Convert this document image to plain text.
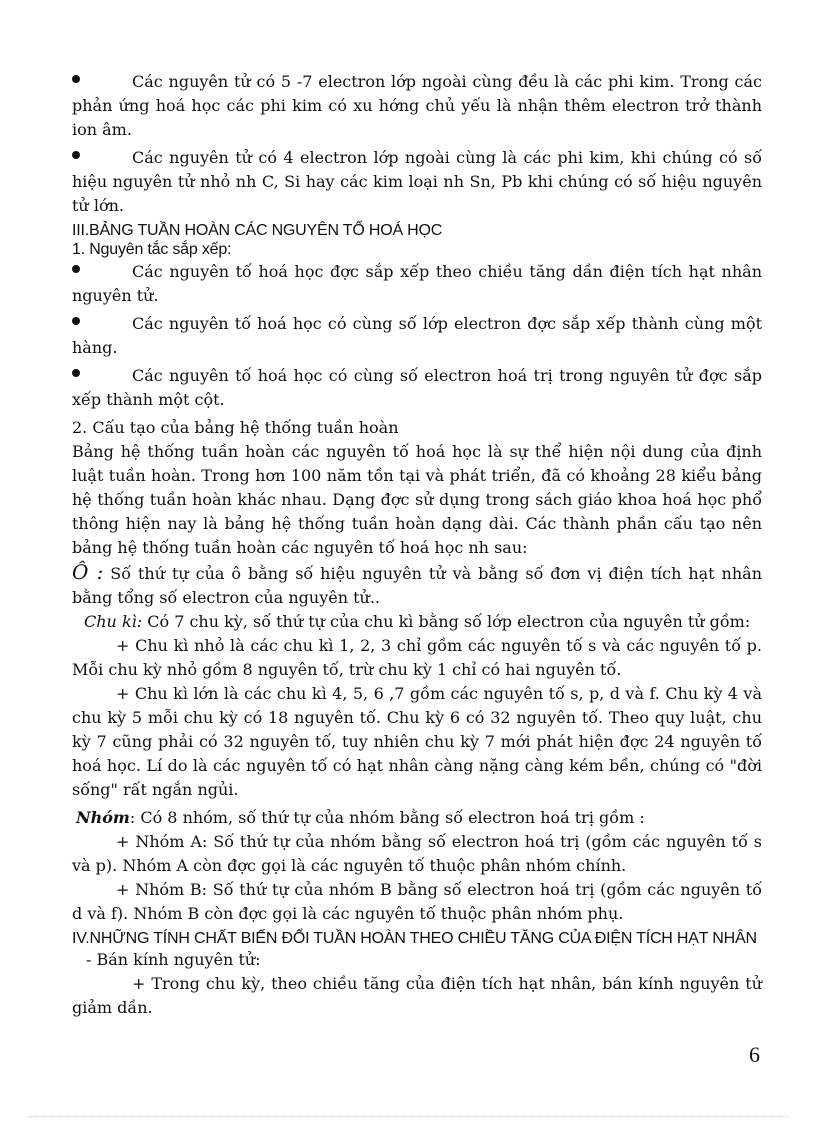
Các nguyên tử có 5 -7 electron lớp ngoài cùng đều là các phi kim. Trong các phản ứng hoá học các phi kim có xu hớng chủ yếu là nhận thêm electron trở thành ion âm.

Các nguyên tử có 4 electron lớp ngoài cùng là các phi kim, khi chúng có số hiệu nguyên tử nhỏ nh C, Si hay các kim loại nh Sn, Pb khi chúng có số hiệu nguyên tử lớn.

III.BẢNG TUẦN HOÀN CÁC NGUYÊN TỐ HOÁ HỌC

1. Nguyên tắc sắp xếp:

Các nguyên tố hoá học đợc sắp xếp theo chiều tăng dần điện tích hạt nhân nguyên tử.

Các nguyên tố hoá học có cùng số lớp electron đợc sắp xếp thành cùng một hàng.

Các nguyên tố hoá học có cùng số electron hoá trị trong nguyên tử đợc sắp xếp thành một cột.

2. Cấu tạo của bảng hệ thống tuần hoàn

Bảng hệ thống tuần hoàn các nguyên tố hoá học là sự thể hiện nội dung của định luật tuần hoàn. Trong hơn 100 năm tồn tại và phát triển, đã có khoảng 28 kiểu bảng hệ thống tuần hoàn khác nhau. Dạng đợc sử dụng trong sách giáo khoa hoá học phổ thông hiện nay là bảng hệ thống tuần hoàn dạng dài. Các thành phần cấu tạo nên bảng hệ thống tuần hoàn các nguyên tố hoá học nh sau:

Ô : Số thứ tự của ô bằng số hiệu nguyên tử và bằng số đơn vị điện tích hạt nhân bằng tổng số electron của nguyên tử..

Chu kì: Có 7 chu kỳ, số thứ tự của chu kì bằng số lớp electron của nguyên tử gồm:

+ Chu kì nhỏ là các chu kì 1, 2, 3 chỉ gồm các nguyên tố s và các nguyên tố p. Mỗi chu kỳ nhỏ gồm 8 nguyên tố, trừ chu kỳ 1 chỉ có hai nguyên tố.

+ Chu kì lớn là các chu kì 4, 5, 6 ,7 gồm các nguyên tố s, p, d và f. Chu kỳ 4 và chu kỳ 5 mỗi chu kỳ có 18 nguyên tố. Chu kỳ 6 có 32 nguyên tố. Theo quy luật, chu kỳ 7 cũng phải có 32 nguyên tố, tuy nhiên chu kỳ 7 mới phát hiện đợc 24 nguyên tố hoá học. Lí do là các nguyên tố có hạt nhân càng nặng càng kém bền, chúng có "đời sống" rất ngắn ngủi.

Nhóm: Có 8 nhóm, số thứ tự của nhóm bằng số electron hoá trị gồm :

+ Nhóm A: Số thứ tự của nhóm bằng số electron hoá trị (gồm các nguyên tố s và p). Nhóm A còn đợc gọi là các nguyên tố thuộc phân nhóm chính.

+ Nhóm B: Số thứ tự của nhóm B bằng số electron hoá trị (gồm các nguyên tố d và f). Nhóm B còn đợc gọi là các nguyên tố thuộc phân nhóm phụ.

IV.NHỮNG TÍNH CHẤT BIẾN ĐỔI TUẦN HOÀN THEO CHIỀU TĂNG CỦA ĐIỆN TÍCH HẠT NHÂN

- Bán kính nguyên tử:

+ Trong chu kỳ, theo chiều tăng của điện tích hạt nhân, bán kính nguyên tử giảm dần.

6
